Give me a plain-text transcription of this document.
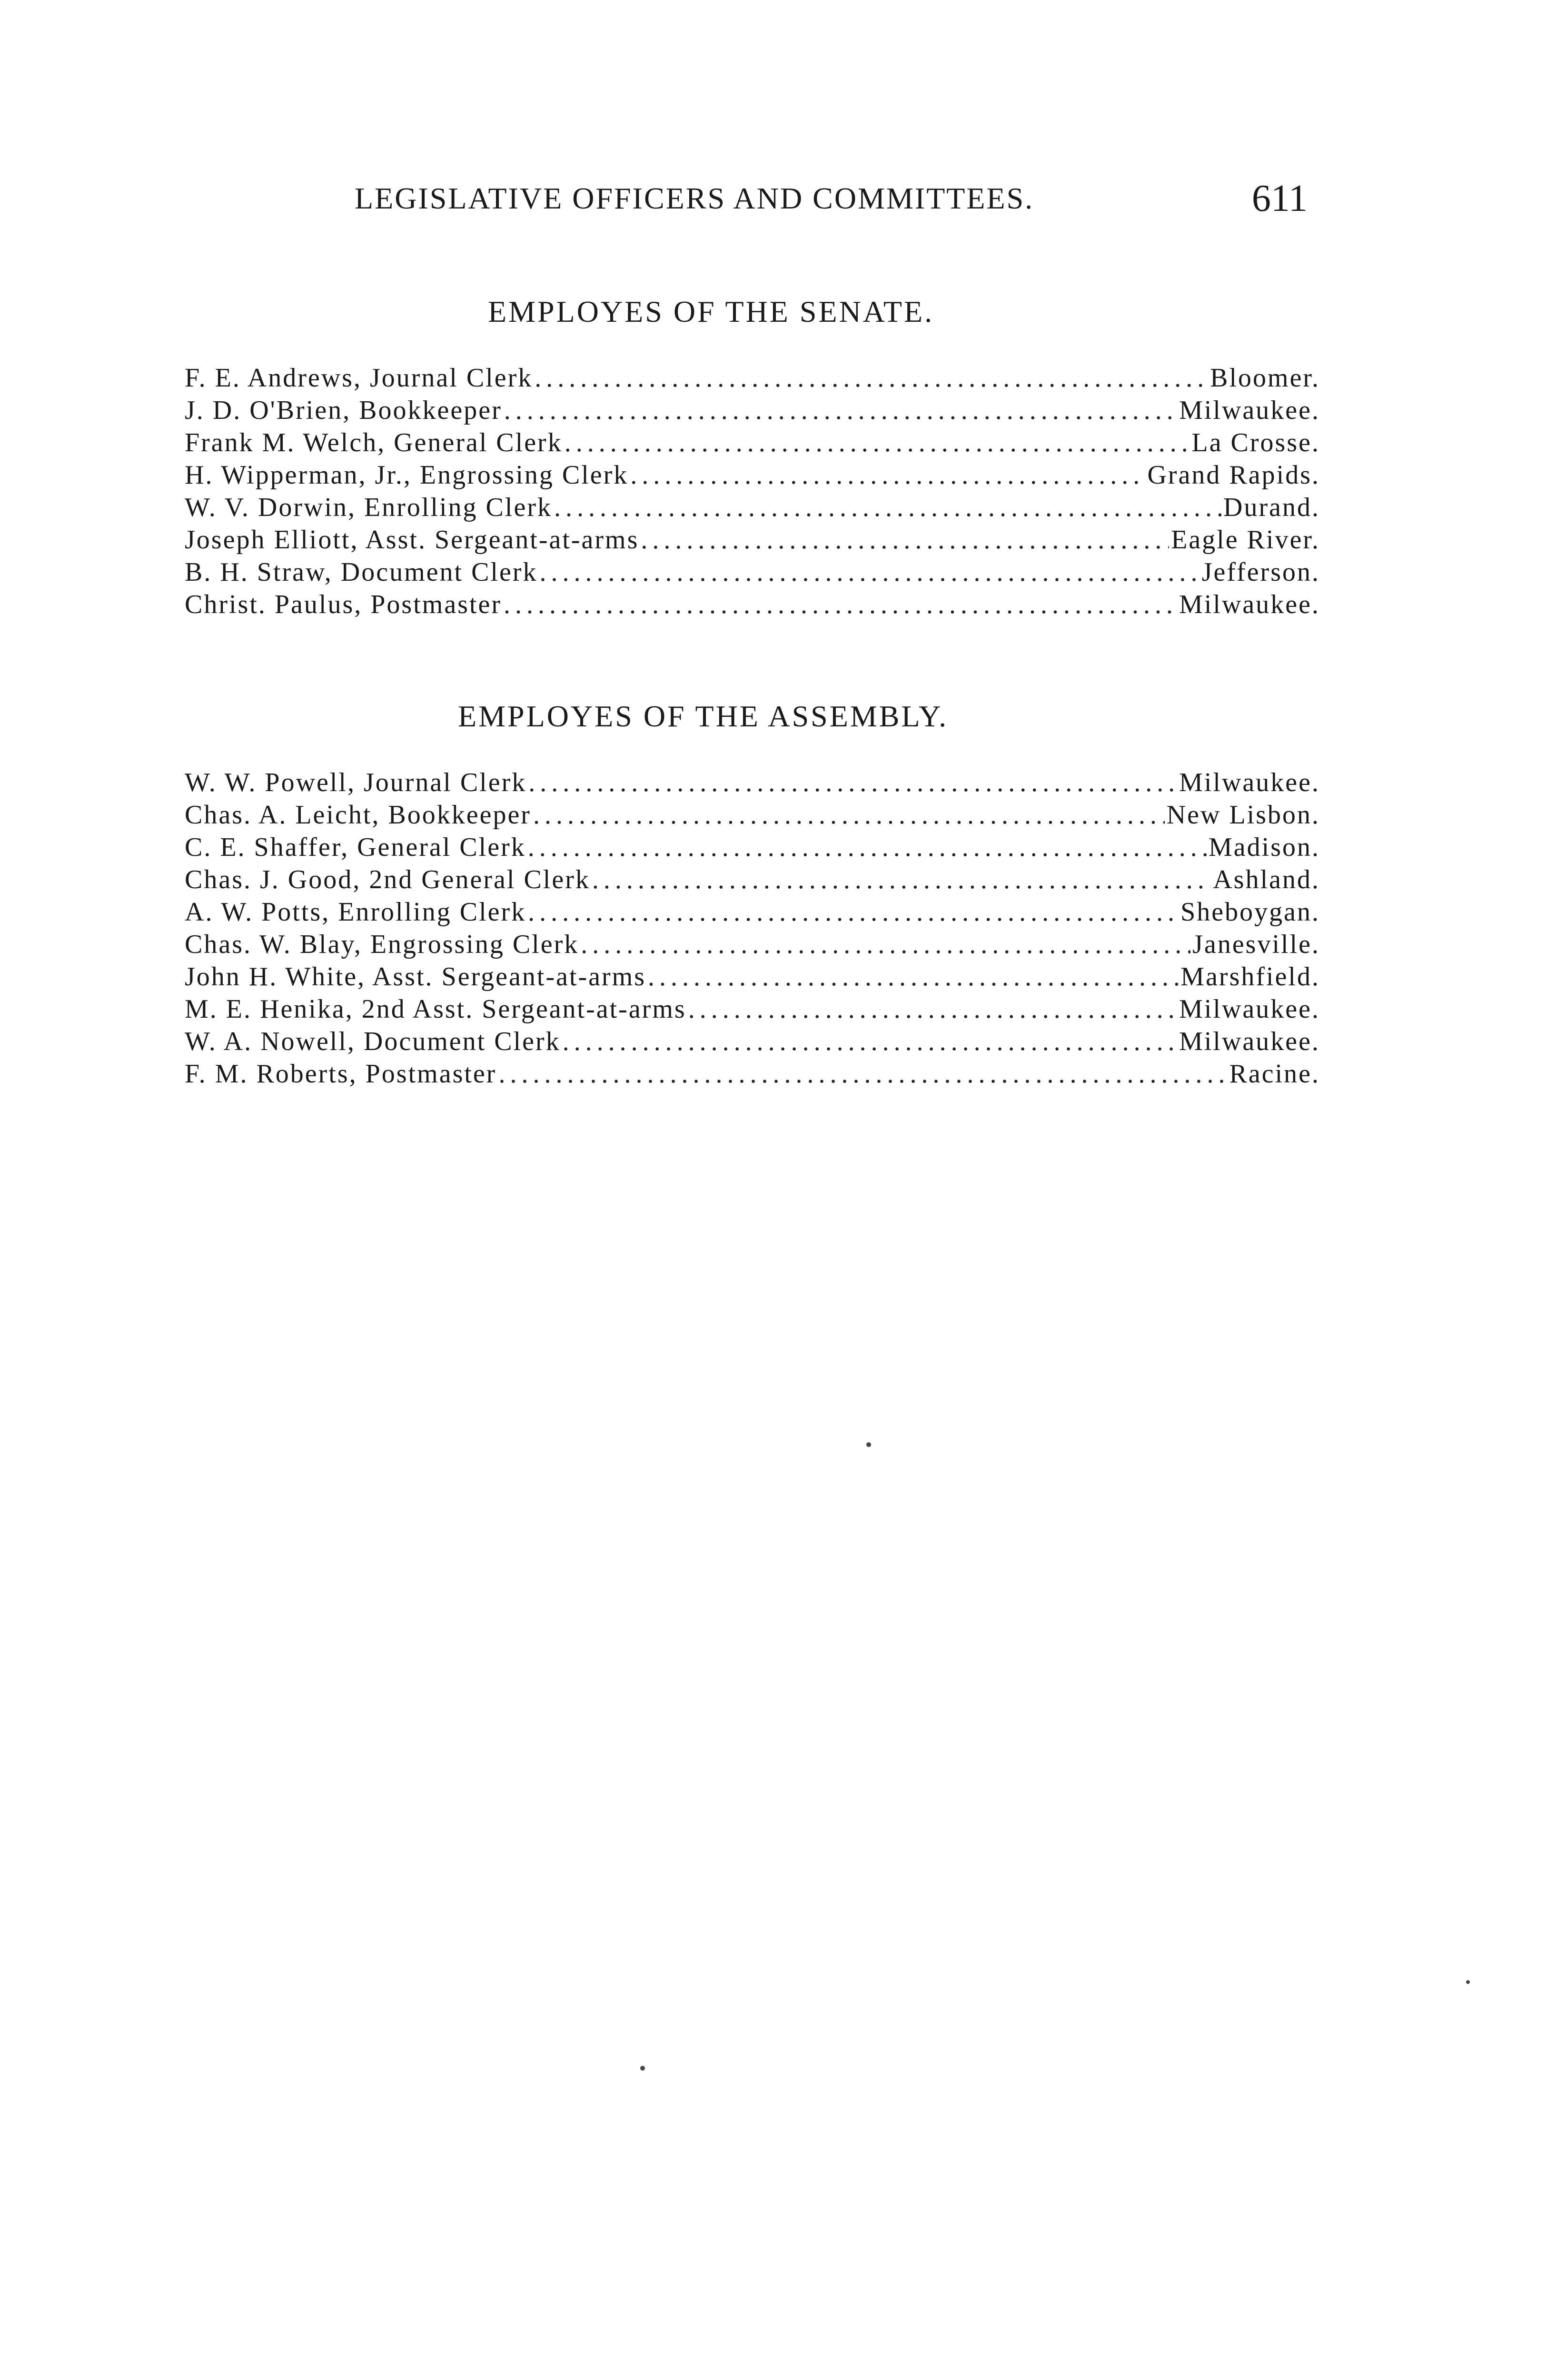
LEGISLATIVE OFFICERS AND COMMITTEES.	611
EMPLOYES OF THE SENATE.
F. E. Andrews, Journal Clerk .....	Bloomer.
J. D. O'Brien, Bookkeeper .....	Milwaukee.
Frank M. Welch, General Clerk .....	La Crosse.
H. Wipperman, Jr., Engrossing Clerk .....	Grand Rapids.
W. V. Dorwin, Enrolling Clerk .....	Durand.
Joseph Elliott, Asst. Sergeant-at-arms .....	Eagle River.
B. H. Straw, Document Clerk .....	Jefferson.
Christ. Paulus, Postmaster .....	Milwaukee.
EMPLOYES OF THE ASSEMBLY.
W. W. Powell, Journal Clerk .....	Milwaukee.
Chas. A. Leicht, Bookkeeper .....	New Lisbon.
C. E. Shaffer, General Clerk .....	Madison.
Chas. J. Good, 2nd General Clerk .....	Ashland.
A. W. Potts, Enrolling Clerk .....	Sheboygan.
Chas. W. Blay, Engrossing Clerk .....	Janesville.
John H. White, Asst. Sergeant-at-arms .....	Marshfield.
M. E. Henika, 2nd Asst. Sergeant-at-arms .....	Milwaukee.
W. A. Nowell, Document Clerk .....	Milwaukee.
F. M. Roberts, Postmaster .....	Racine.
